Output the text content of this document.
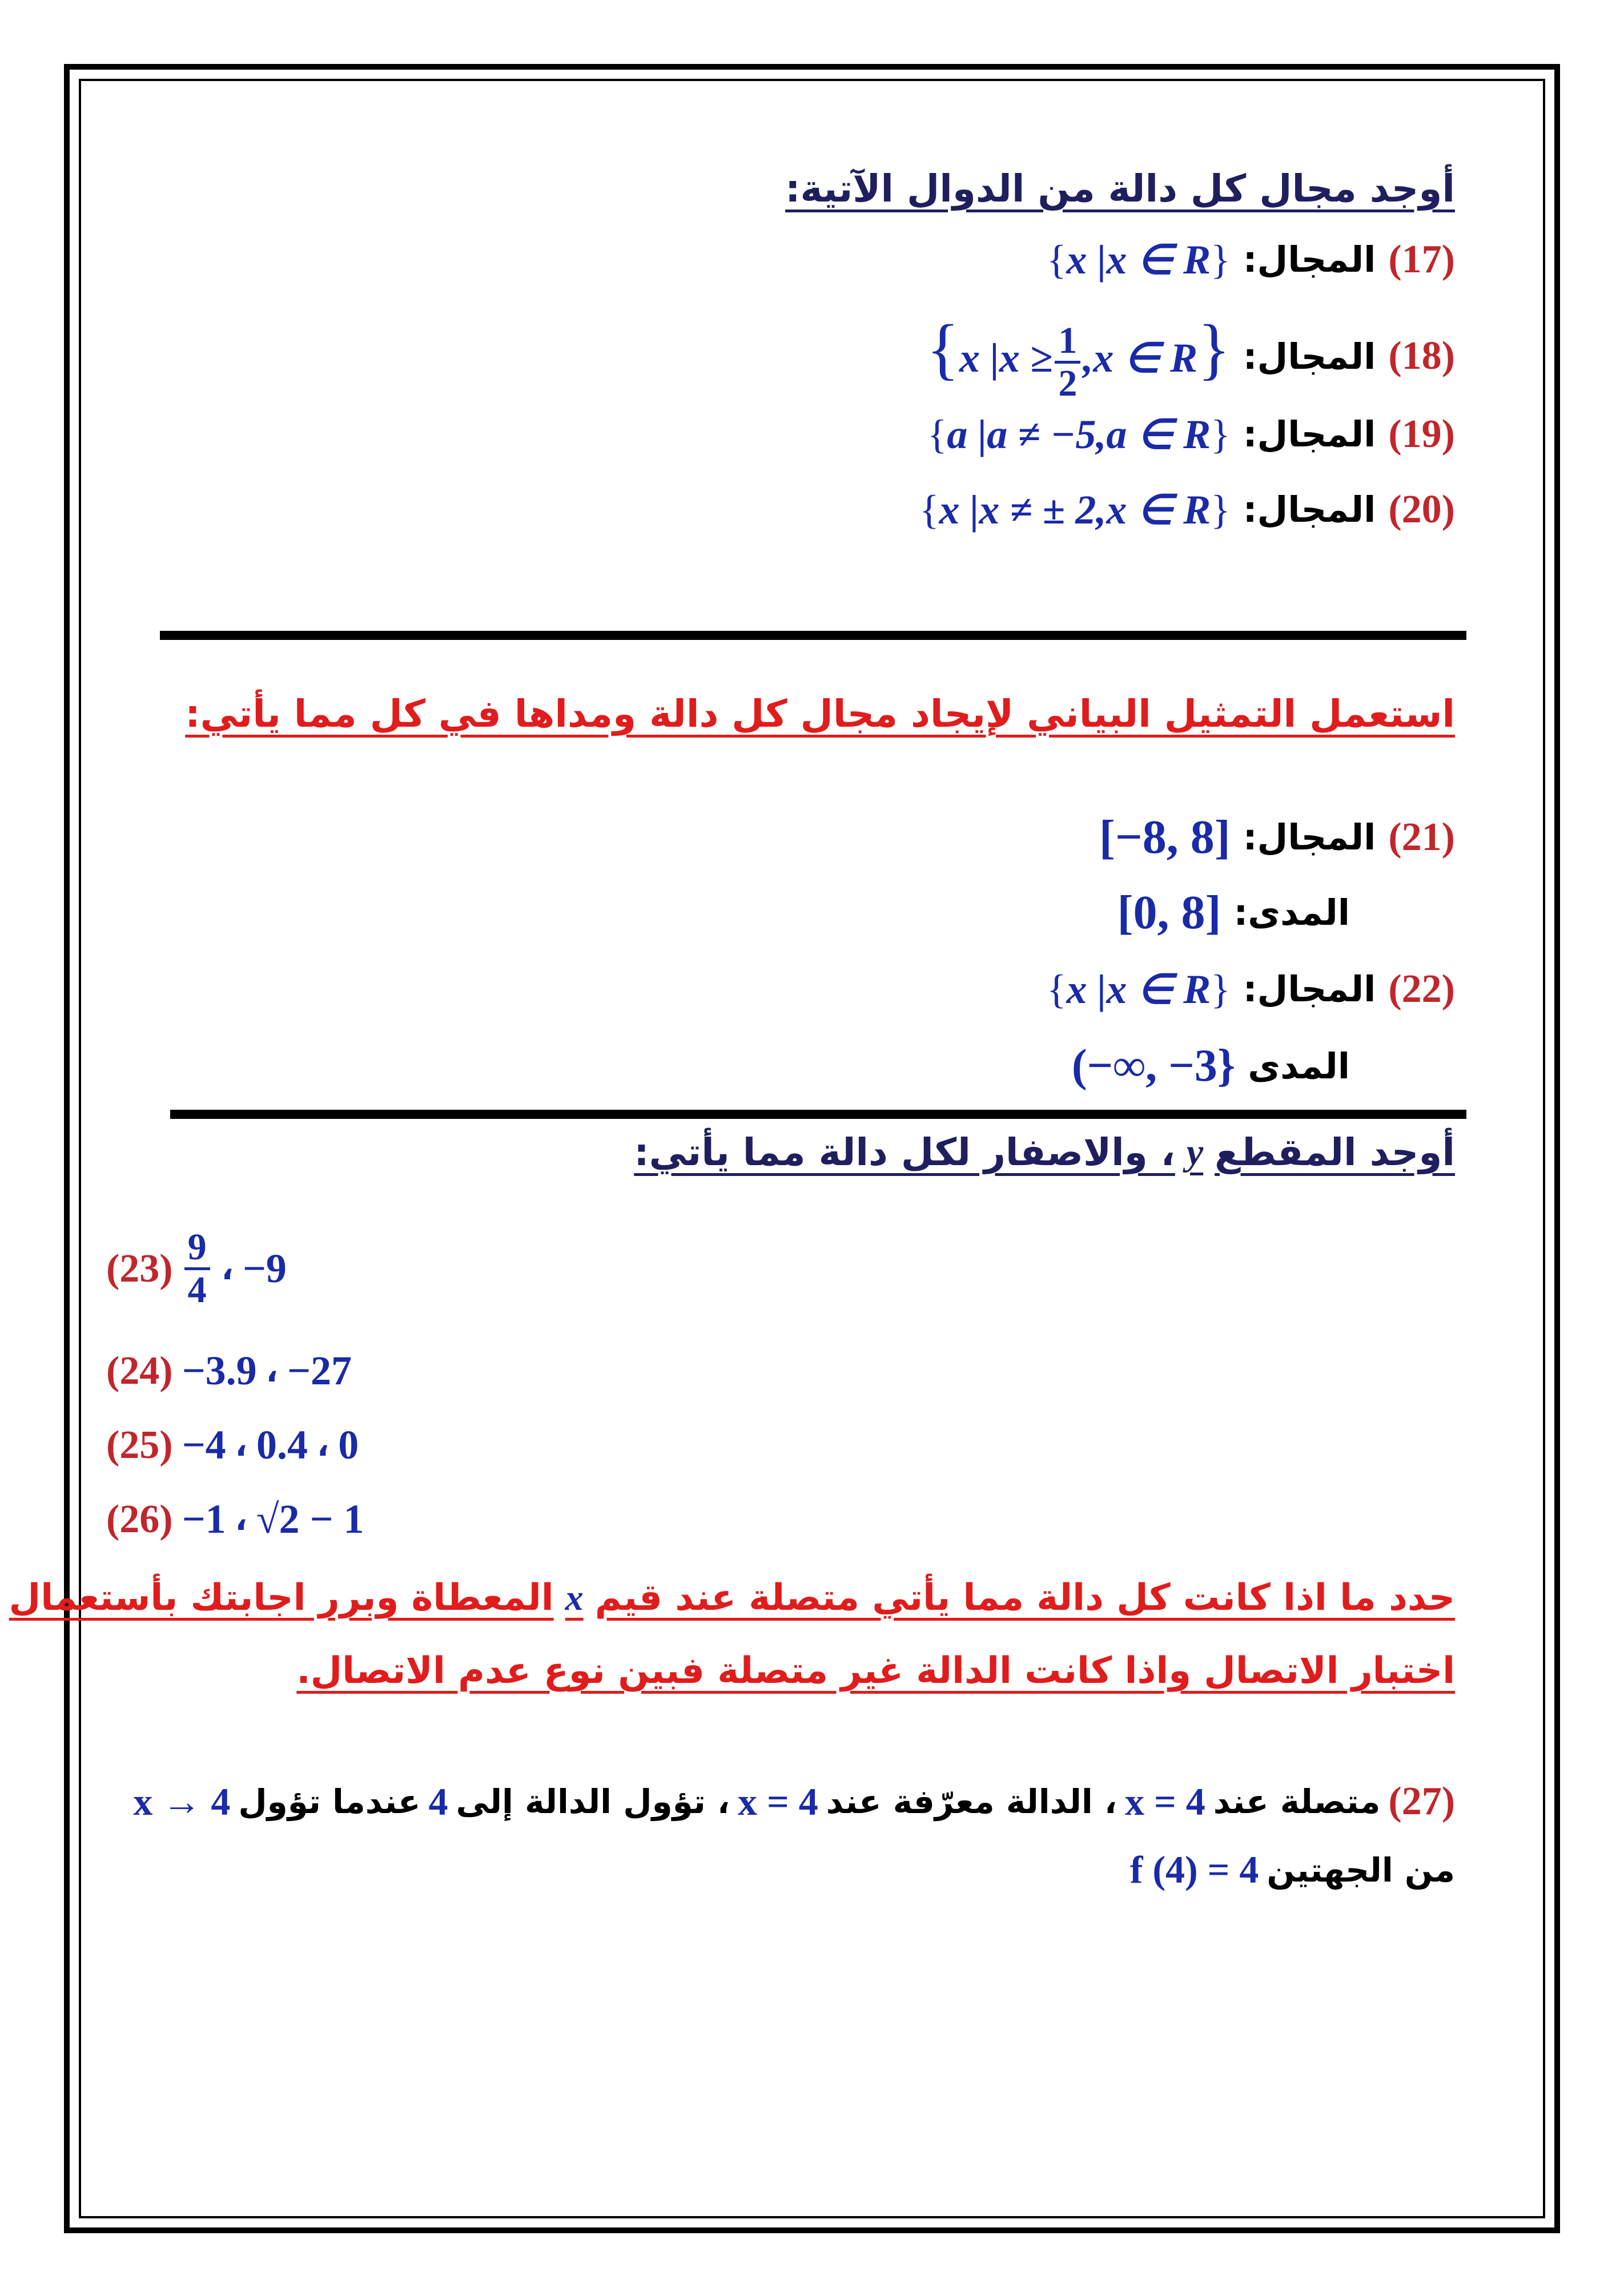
أوجد مجال كل دالة من الدوال الآتية:
{x |x ∈ R} المجال: (17)
{x $|x \ge \frac{1}{2} ,x$ ∈ R} المجال: (18)
{a |a ≠ −5,a ∈ R} المجال: (19)
{x |x ≠ ± 2,x ∈ R} المجال: (20)
استعمل التمثيل البياني لإيجاد مجال كل دالة ومداها في كل مما يأتي:
[−8, 8] المجال: (21)
[0, 8] المدى:
{x |x ∈ R} المجال: (22)
(−∞, −3} المدى
أوجد المقطع
y
، والاصفار لكل دالة مما يأتي:
$(23) \frac{9}{4}$ ، −9
(24) −3.9 ، −27
(25) −4 ، 0.4 ، 0
(26) −1 ، √2 − 1
حدد ما اذا كانت كل دالة مما يأتي متصلة عند قيم
x
المعطاة وبرر اجابتك بأستعمال
اختبار الاتصال واذا كانت الدالة غير متصلة فبين نوع عدم الاتصال.
(27)
متصلة عند
x = 4
، الدالة معرّفة عند
x = 4
، تؤول الدالة إلى
4
عندما تؤول
x → 4
من الجهتين
f (4) = 4
